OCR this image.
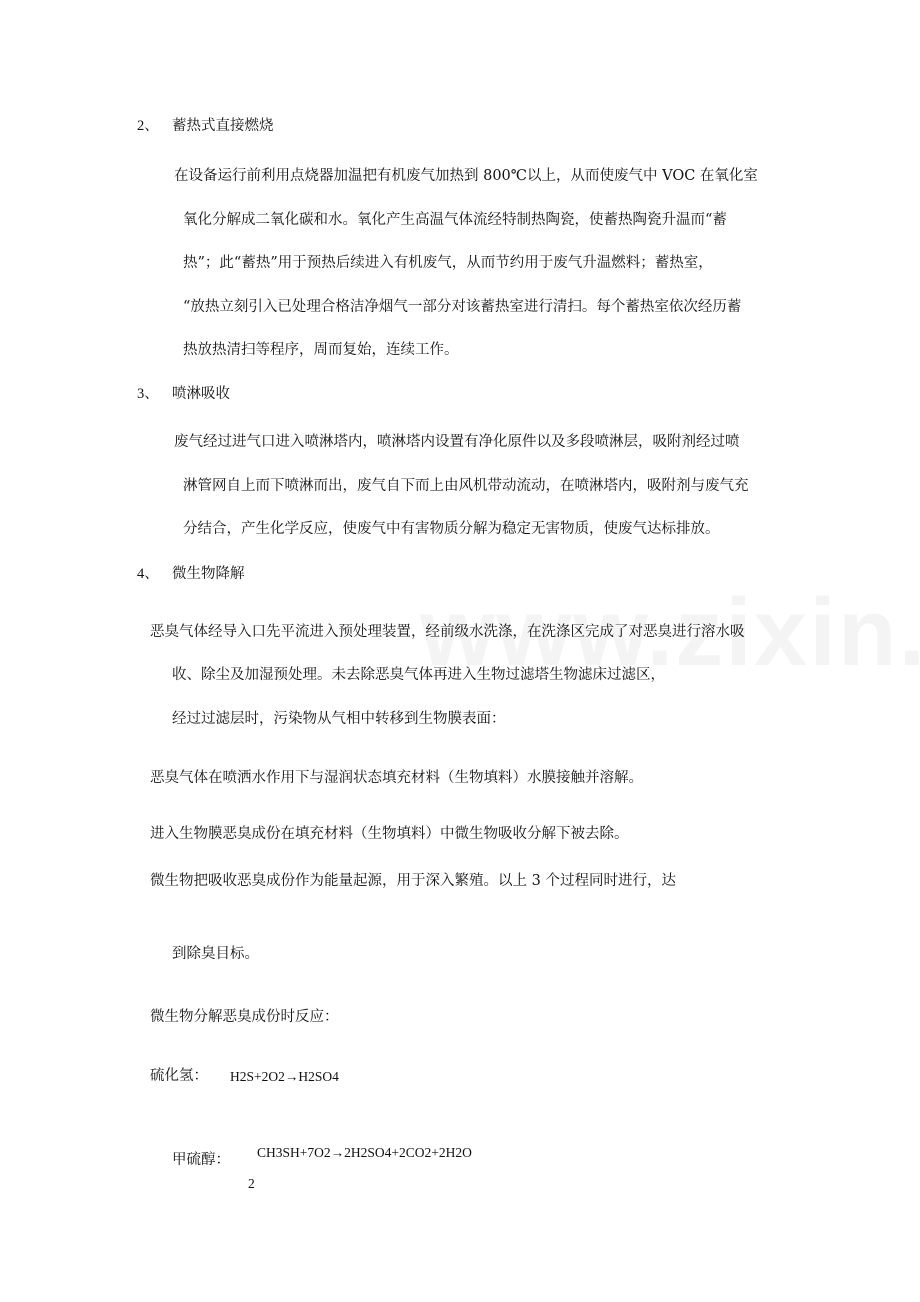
2、 蓄热式直接燃烧
在设备运行前利用点烧器加温把有机废气加热到 800℃以上，从而使废气中 VOC 在氧化室
氧化分解成二氧化碳和水。氧化产生高温气体流经特制热陶瓷，使蓄热陶瓷升温而“蓄
热”；此“蓄热”用于预热后续进入有机废气，从而节约用于废气升温燃料；蓄热室，
“放热立刻引入已处理合格洁净烟气一部分对该蓄热室进行清扫。每个蓄热室依次经历蓄
热放热清扫等程序，周而复始，连续工作。
3、 喷淋吸收
废气经过进气口进入喷淋塔内，喷淋塔内设置有净化原件以及多段喷淋层，吸附剂经过喷
淋管网自上而下喷淋而出，废气自下而上由风机带动流动，在喷淋塔内，吸附剂与废气充
分结合，产生化学反应，使废气中有害物质分解为稳定无害物质，使废气达标排放。
4、 微生物降解
恶臭气体经导入口先平流进入预处理装置，经前级水洗涤，在洗涤区完成了对恶臭进行溶水吸
收、除尘及加湿预处理。未去除恶臭气体再进入生物过滤塔生物滤床过滤区，
经过过滤层时，污染物从气相中转移到生物膜表面：
恶臭气体在喷洒水作用下与湿润状态填充材料（生物填料）水膜接触并溶解。
进入生物膜恶臭成份在填充材料（生物填料）中微生物吸收分解下被去除。
微生物把吸收恶臭成份作为能量起源，用于深入繁殖。以上 3 个过程同时进行，达
到除臭目标。
微生物分解恶臭成份时反应：
硫化氢： H2S+2O2→H2SO4
甲硫醇：
2
CH3SH+7O2→2H2SO4+2CO2+2H2O
